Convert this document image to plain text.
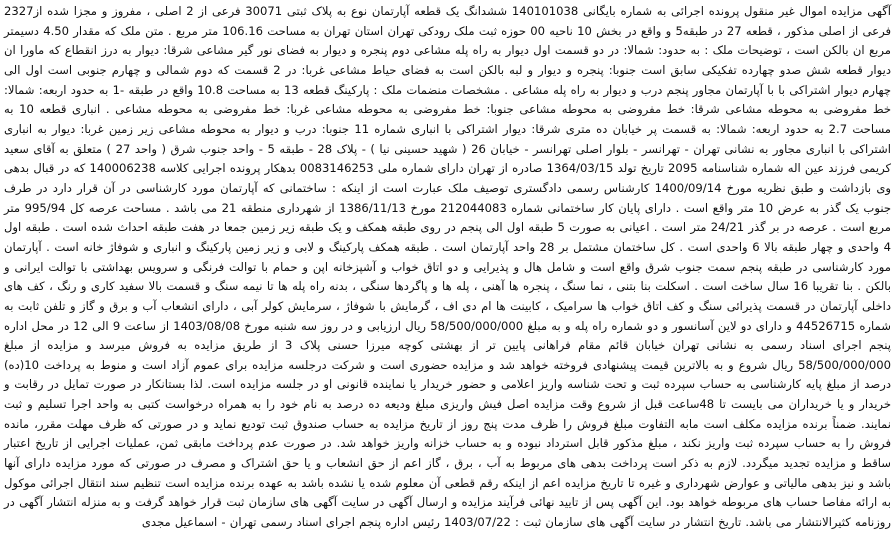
آگهی مزایده اموال غیر منقول پرونده اجرائی به شماره بایگانی 140101038 ششدانگ یک قطعه آپارتمان نوع به پلاک ثبتی 30071 فرعی از 2 اصلی ، مفروز و مجزا شده از2327 فرعی از اصلی مذکور ، قطعه 27 در طبقه5 و واقع در بخش 10 ناحیه 00 حوزه ثبت ملک رودکی تهران استان تهران به مساحت 106.16 متر مربع . متن ملک که مقدار 4.50 دسیمتر مربع ان بالکن است ، توضیحات ملک : به حدود: شمالا: در دو قسمت اول دیوار به راه پله مشاعی دوم پنجره و دیوار به فضای نور گیر مشاعی شرقا: دیوار به درز انقطاع که ماورا ان دیوار قطعه شش صدو چهارده تفکیکی سابق است جنوبا: پنجره و دیوار و لبه بالکن است به فضای حیاط مشاعی غربا: در 2 قسمت که دوم شمالی و چهارم جنوبی است اول الی چهارم دیوار اشتراکی با با آپارتمان مجاور پنجم درب و دیوار به راه پله مشاعی . مشخصات منضمات ملک : پارکینگ قطعه 13 به مساحت 10.8 واقع در طبقه -1 به حدود اربعه: شمالا: خط مفروضی به محوطه مشاعی شرقا: خط مفروضی به محوطه مشاعی جنوبا: خط مفروضی به محوطه مشاعی غربا: خط مفروضی به محوطه مشاعی . انباری قطعه 10 به مساحت 2.7 به حدود اربعه: شمالا: به قسمت پر خیابان ده متری شرقا: دیوار اشتراکی با انباری شماره 11 جنوبا: درب و دیوار به محوطه مشاعی زیر زمین غربا: دیوار به انباری اشتراکی با انباری مجاور به نشانی تهران - تهرانسر - بلوار اصلی تهرانسر - خیابان 26 ( شهید حسینی نیا ) - پلاک 28 - طبقه 5 - واحد جنوب شرق ( واحد 27 ) متعلق به آقای سعید کریمی فرزند عین اله شماره شناسنامه 2095 تاریخ تولد 1364/03/15 صادره از تهران دارای شماره ملی 0083146253 بدهکار پرونده اجرایی کلاسه 140006238 که در قبال بدهی وی بازداشت و طبق نظریه مورخ 1400/09/14 کارشناس رسمی دادگستری توصیف ملک عبارت است از اینکه : ساختمانی که آپارتمان مورد کارشناسی در آن قرار دارد در طرف جنوب یک گذر به عرض 10 متر واقع است . دارای پایان کار ساختمانی شماره 212044083 مورخ 1386/11/13 از شهرداری منطقه 21 می باشد . مساحت عرصه کل 995/94 متر مربع است . عرصه در بر گذر 24/21 متر است . اعیانی به صورت 5 طبقه اول الی پنجم در روی طبقه همکف و یک طبقه زیر زمین جمعا در هفت طبقه احداث شده است . طبقه اول 4 واحدی و چهار طبقه بالا 6 واحدی است . کل ساختمان مشتمل بر 28 واحد آپارتمان است . طبقه همکف پارکینگ و لابی و زیر زمین پارکینگ و انباری و شوفاژ خانه است . آپارتمان مورد کارشناسی در طبقه پنجم سمت جنوب شرق واقع است و شامل هال و پذیرایی و دو اتاق خواب و آشپزخانه اپن و حمام با توالت فرنگی و سرویس بهداشتی با توالت ایرانی و بالکن . بنا تقریبا 16 سال ساخت است . اسکلت بنا بتنی ، نما سنگ ، پنجره ها آهنی ، پله ها و پاگردها سنگی ، بدنه راه پله ها تا نیمه سنگ و قسمت بالا سفید کاری و رنگ ، کف های داخلی آپارتمان در قسمت پذیرائی سنگ و کف اتاق خواب ها سرامیک ، کابینت ها ام دی اف ، گرمایش با شوفاژ ، سرمایش کولر آبی ، دارای انشعاب آب و برق و گاز و تلفن ثابت به شماره 44526715 و دارای دو لاین آسانسور و دو شماره راه پله و به مبلغ 58/500/000/000 ریال ارزیابی و در روز سه شنبه مورخ 1403/08/08 از ساعت 9 الی 12 در محل اداره پنجم اجرای اسناد رسمی به نشانی تهران خیابان قائم مقام فراهانی پایین تر از بهشتی کوچه میرزا حسنی پلاک 3 از طریق مزایده به فروش میرسد و مزایده از مبلغ 58/500/000/000 ریال شروع و به بالاترین قیمت پیشنهادی فروخته خواهد شد و مزایده حضوری است و شرکت درجلسه مزایده برای عموم آزاد است و منوط به پرداخت 10(ده) درصد از مبلغ پایه کارشناسی به حساب سپرده ثبت و تحت شناسه واریز اعلامی و حضور خریدار یا نماینده قانونی او در جلسه مزایده است. لذا بستانکار در صورت تمایل در رقابت و خریدار و یا خریداران می بایست تا 48ساعت قبل از شروع وقت مزایده اصل فیش واریزی مبلغ ودیعه ده درصد به نام خود را به همراه درخواست کتبی به واحد اجرا تسلیم و ثبت نمایند. ضمناً برنده مزایده مکلف است مابه التفاوت مبلغ فروش را ظرف مدت پنج روز از تاریخ مزایده به حساب صندوق ثبت تودیع نماید و در صورتی که ظرف مهلت مقرر، مانده فروش را به حساب سپرده ثبت واریز نکند ، مبلغ مذکور قابل استرداد نبوده و به حساب خزانه واریز خواهد شد. در صورت عدم پرداخت مابقی ثمن، عملیات اجرایی از تاریخ اعتبار ساقط و مزایده تجدید میگردد. لازم به ذکر است پرداخت بدهی های مربوط به آب ، برق ، گاز اعم از حق انشعاب و یا حق اشتراک و مصرف در صورتی که مورد مزایده دارای آنها باشد و نیز بدهی مالیاتی و عوارض شهرداری و غیره تا تاریخ مزایده اعم از اینکه رقم قطعی آن معلوم شده یا نشده باشد به عهده برنده مزایده است تنظیم سند انتقال اجرائی موکول به ارائه مفاصا حساب های مربوطه خواهد بود. این آگهی پس از تایید نهائی فرآیند مزایده و ارسال آگهی در سایت آگهی های سازمان ثبت قرار خواهد گرفت و به منزله انتشار آگهی در روزنامه کثیرالانتشار می باشد. تاریخ انتشار در سایت آگهی های سازمان ثبت : 1403/07/22 رئیس اداره پنجم اجرای اسناد رسمی تهران - اسماعیل مجدی
